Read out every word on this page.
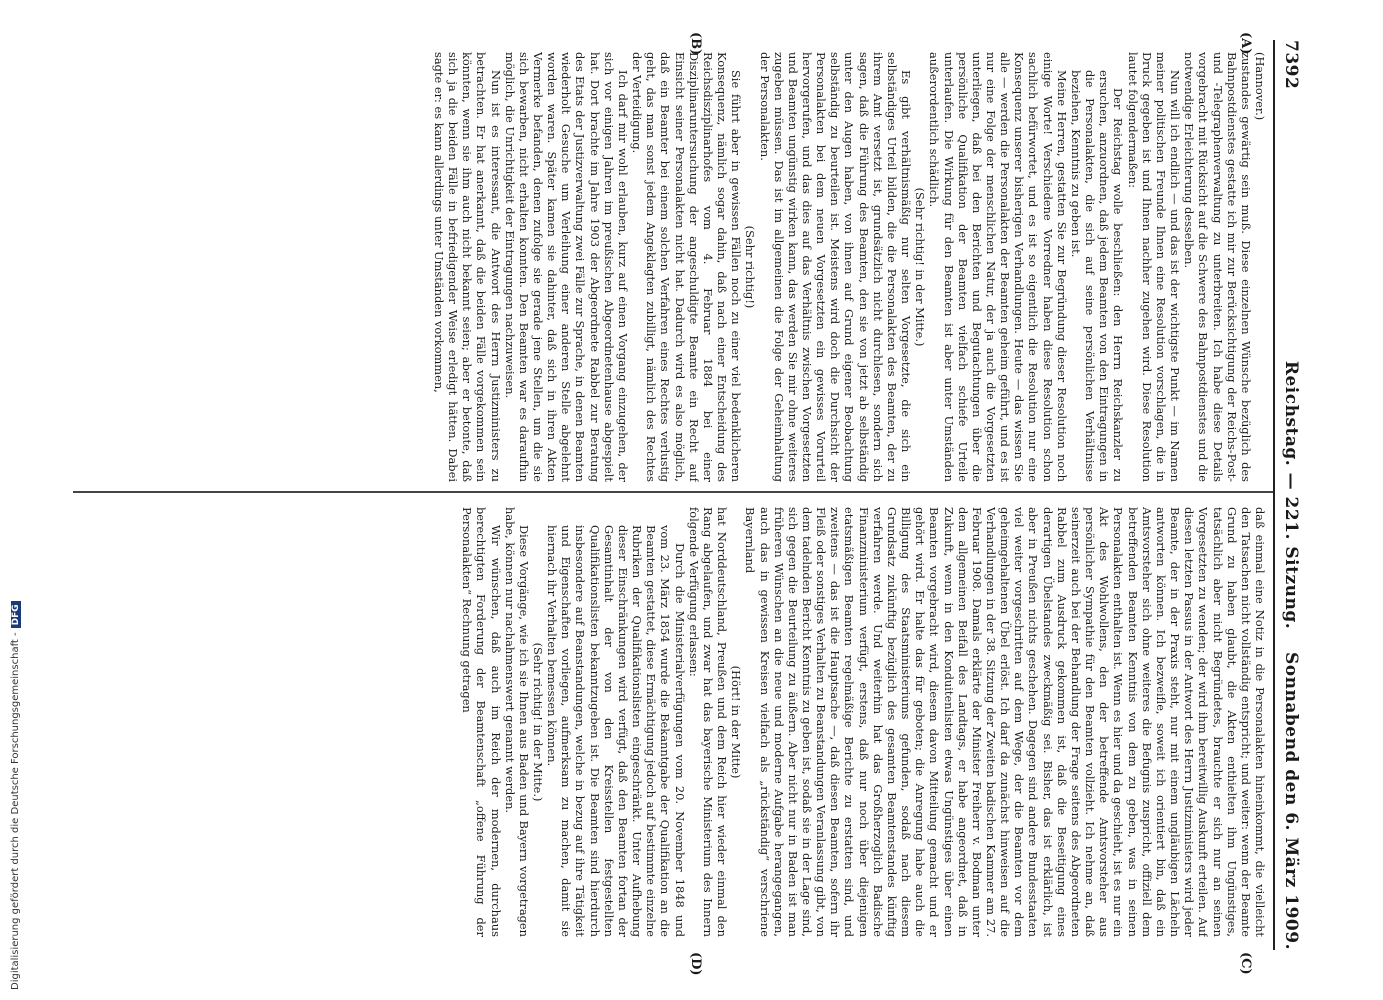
7392
Reichstag. — 221. Sitzung.
Sonnabend den 6. März 1909.
(A)
(B)
(C)
(D)

(Hannover.)

zustandes gewärtig sein muß. Diese einzelnen Wünsche bezüglich des Bahnpostdienstes gestatte ich mir zur Berücksichtigung der Reichs-Post- und -Telegraphenverwaltung zu unterbreiten. Ich habe diese Details vorgebracht mit Rücksicht auf die Schwere des Bahnpostdienstes und die notwendige Erleichterung desselben.

Nun will ich endlich — und das ist der wichtigste Punkt — im Namen meiner politischen Freunde Ihnen eine Resolution vorschlagen, die in Druck gegeben ist und Ihnen nachher zugehen wird. Diese Resolution lautet folgendermaßen:

Der Reichstag wolle beschließen: den Herrn Reichskanzler zu ersuchen, anzuordnen, daß jedem Beamten von den Eintragungen in die Personalakten, die sich auf seine persönlichen Verhältnisse beziehen, Kenntnis zu geben ist.

Meine Herren, gestatten Sie zur Begründung dieser Resolution noch einige Worte! Verschiedene Vorredner haben diese Resolution schon sachlich befürwortet, und es ist so eigentlich die Resolution nur eine Konsequenz unserer bisherigen Verhandlungen. Heute — das wissen Sie alle — werden die Personalakten der Beamten geheim geführt, und es ist nur eine Folge der menschlichen Natur, der ja auch die Vorgesetzten unterliegen, daß bei den Berichten und Begutachtungen über die persönliche Qualifikation der Beamten vielfach schiefe Urteile unterlaufen. Die Wirkung für den Beamten ist aber unter Umständen außerordentlich schädlich.

(Sehr richtig! in der Mitte.)

Es gibt verhältnismäßig nur selten Vorgesetzte, die sich ein selbständiges Urteil bilden, die die Personalakten des Beamten, der zu ihrem Amt versetzt ist, grundsätzlich nicht durchlesen, sondern sich sagen, daß die Führung des Beamten, den sie von jetzt ab selbständig unter den Augen haben, von ihnen auf Grund eigener Beobachtung selbständig zu beurteilen ist. Meistens wird doch die Durchsicht der Personalakten bei dem neuen Vorgesetzten ein gewisses Vorurteil hervorgerufen, und das dies auf das Verhältnis zwischen Vorgesetzten und Beamten ungünstig wirken kann, das werden Sie mir ohne weiteres zugeben müssen. Das ist im allgemeinen die Folge der Geheimhaltung der Personalakten.

(Sehr richtig!)

Sie führt aber in gewissen Fällen noch zu einer viel bedenklicheren Konsequenz, nämlich sogar dahin, daß nach einer Entscheidung des Reichsdisziplinarhofes vom 4. Februar 1884 bei einer Disziplinaruntersuchung der angeschuldigte Beamte ein Recht auf Einsicht seiner Personalakten nicht hat. Dadurch wird es also möglich, daß ein Beamter bei einem solchen Verfahren eines Rechtes verlustig geht, das man sonst jedem Angeklagten zubilligt, nämlich des Rechtes der Verteidigung.

Ich darf mir wohl erlauben, kurz auf einen Vorgang einzugehen, der sich vor einigen Jahren im preußischen Abgeordnetenhause abgespielt hat. Dort brachte im Jahre 1903 der Abgeordnete Rabbel zur Beratung des Etats der Justizverwaltung zwei Fälle zur Sprache, in denen Beamten wiederholt Gesuche um Verleihung einer anderen Stelle abgelehnt worden waren. Später kamen sie dahinter, daß sich in ihren Akten Vermerke befanden, denen zufolge sie gerade jene Stellen, um die sie sich bewarben, nicht erhalten konnten. Den Beamten war es daraufhin möglich, die Unrichtigkeit der Eintragungen nachzuweisen.

Nun ist es interessant, die Antwort des Herrn Justizministers zu betrachten. Er hat anerkannt, daß die beiden Fälle vorgekommen sein könnten, wenn sie ihm auch nicht bekannt seien; aber er betonte, daß sich ja die beiden Fälle in befriedigender Weise erledigt hätten. Dabei sagte er: es kann allerdings unter Umständen vorkommen,

daß einmal eine Notiz in die Personalakten hineinkommt, die vielleicht den Tatsachen nicht vollständig entspricht; und weiter: wenn der Beamte Grund zu haben glaubt, die Akten enthielten ihm Ungünstiges, tatsächlich aber nicht Begründetes, brauchte er sich nur an seinen Vorgesetzten zu wenden; der wird ihm bereitwillig Auskunft erteilen. Auf diesen letzten Passus in der Antwort des Herrn Justizministers wird jeder Beamte, der in der Praxis steht, nur mit einem ungläubigen Lächeln antworten können. Ich bezweifle, soweit ich orientiert bin, daß ein Amtsvorsteher sich ohne weiteres die Befugnis zuspricht, offiziell dem betreffenden Beamten Kenntnis von dem zu geben, was in seinen Personalakten enthalten ist. Wenn es hier und da geschieht, ist es nur ein Akt des Wohlwollens, den der betreffende Amtsvorsteher aus persönlicher Sympathie für den Beamten vollzieht. Ich nehme an, daß seinerzeit auch bei der Behandlung der Frage seitens des Abgeordneten Rabbel zum Ausdruck gekommen ist, daß die Beseitigung eines derartigen Übelstandes zweckmäßig sei. Bisher, das ist erklärlich, ist aber in Preußen nichts geschehen. Dagegen sind andere Bundesstaaten viel weiter vorgeschritten auf dem Wege, der die Beamten vor dem geheimgehaltenen Übel erlöst. Ich darf da zunächst hinweisen auf die Verhandlungen in der 38. Sitzung der Zweiten badischen Kammer am 27. Februar 1908. Damals erklärte der Minister Freiherr v. Bodman unter dem allgemeinen Beifall des Landtags, er habe angeordnet, daß in Zukunft, wenn in den Konduitenlisten etwas Ungünstiges über einen Beamten vorgebracht wird, diesem davon Mitteilung gemacht und er gehört wird. Er halte das für geboten; die Anregung habe auch die Billigung des Staatsministeriums gefunden, sodaß nach diesem Grundsatz zukünftig bezüglich des gesamten Beamtenstandes künftig verfahren werde. Und weiterhin hat das Großherzoglich Badische Finanzministerium verfügt, erstens, daß nur noch über diejenigen etatsmäßigen Beamten regelmäßige Berichte zu erstatten sind, und zweitens — das ist die Hauptsache —, daß diesen Beamten, sofern ihr Fleiß oder sonstiges Verhalten zu Beanstandungen Veranlassung gibt, von dem tadelnden Bericht Kenntnis zu geben ist, sodaß sie in der Lage sind, sich gegen die Beurteilung zu äußern. Aber nicht nur in Baden ist man früheren Wünschen an die neue und moderne Aufgabe herangegangen, auch das in gewissen Kreisen vielfach als „rückständig“ verschriene Bayernland

(Hört! in der Mitte)

hat Norddeutschland, Preußen und dem Reich hier wieder einmal den Rang abgelaufen, und zwar hat das bayerische Ministerium des Innern folgende Verfügung erlassen:

Durch die Ministerialverfügungen vom 20. November 1848 und vom 23. März 1854 wurde die Bekanntgabe der Qualifikation an die Beamten gestattet, diese Ermächtigung jedoch auf bestimmte einzelne Rubriken der Qualifikationslisten eingeschränkt. Unter Aufhebung dieser Einschränkungen wird verfügt, daß den Beamten fortan der Gesamtinhalt der von den Kreisstellen festgestellten Qualifikationslisten bekanntzugeben ist. Die Beamten sind hierdurch insbesondere auf Beanstandungen, welche in bezug auf ihre Tätigkeit und Eigenschaften vorliegen, aufmerksam zu machen, damit sie hiernach ihr Verhalten bemessen können.

(Sehr richtig! in der Mitte.)

Diese Vorgänge, wie ich sie Ihnen aus Baden und Bayern vorgetragen habe, können nur nachahmenswert genannt werden.

Wir wünschen, daß auch im Reich der modernen, durchaus berechtigten Forderung der Beamtenschaft „offene Führung der Personalakten“ Rechnung getragen

Digitalisierung gefördert durch die Deutsche Forschungsgemeinschaft -DFG
